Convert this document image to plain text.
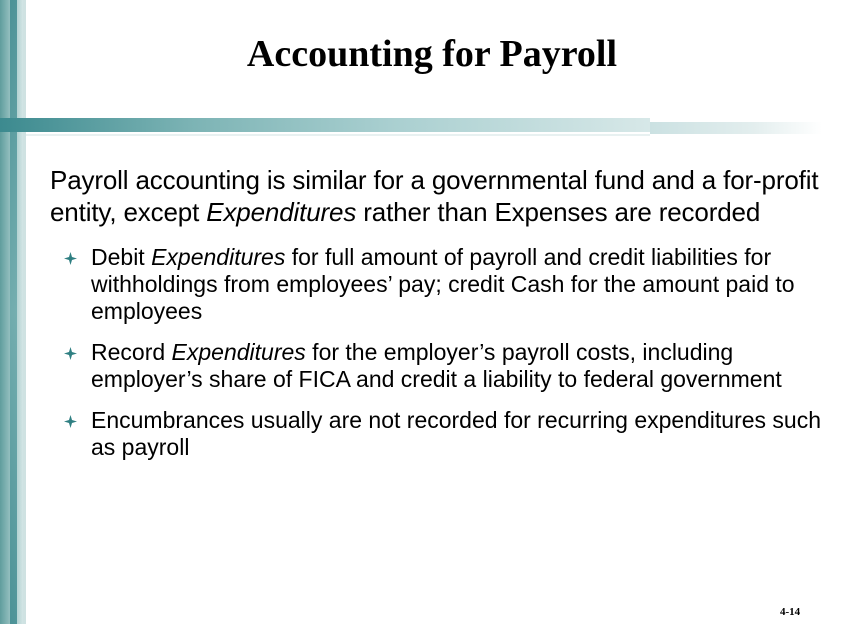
Accounting for Payroll

Payroll accounting is similar for a governmental fund and a for-profit entity, except Expenditures rather than Expenses are recorded

Debit Expenditures for full amount of payroll and credit liabilities for withholdings from employees’ pay; credit Cash for the amount paid to employees
Record Expenditures for the employer’s payroll costs, including employer’s share of FICA and credit a liability to federal government
Encumbrances usually are not recorded for recurring expenditures such as payroll
4-14
